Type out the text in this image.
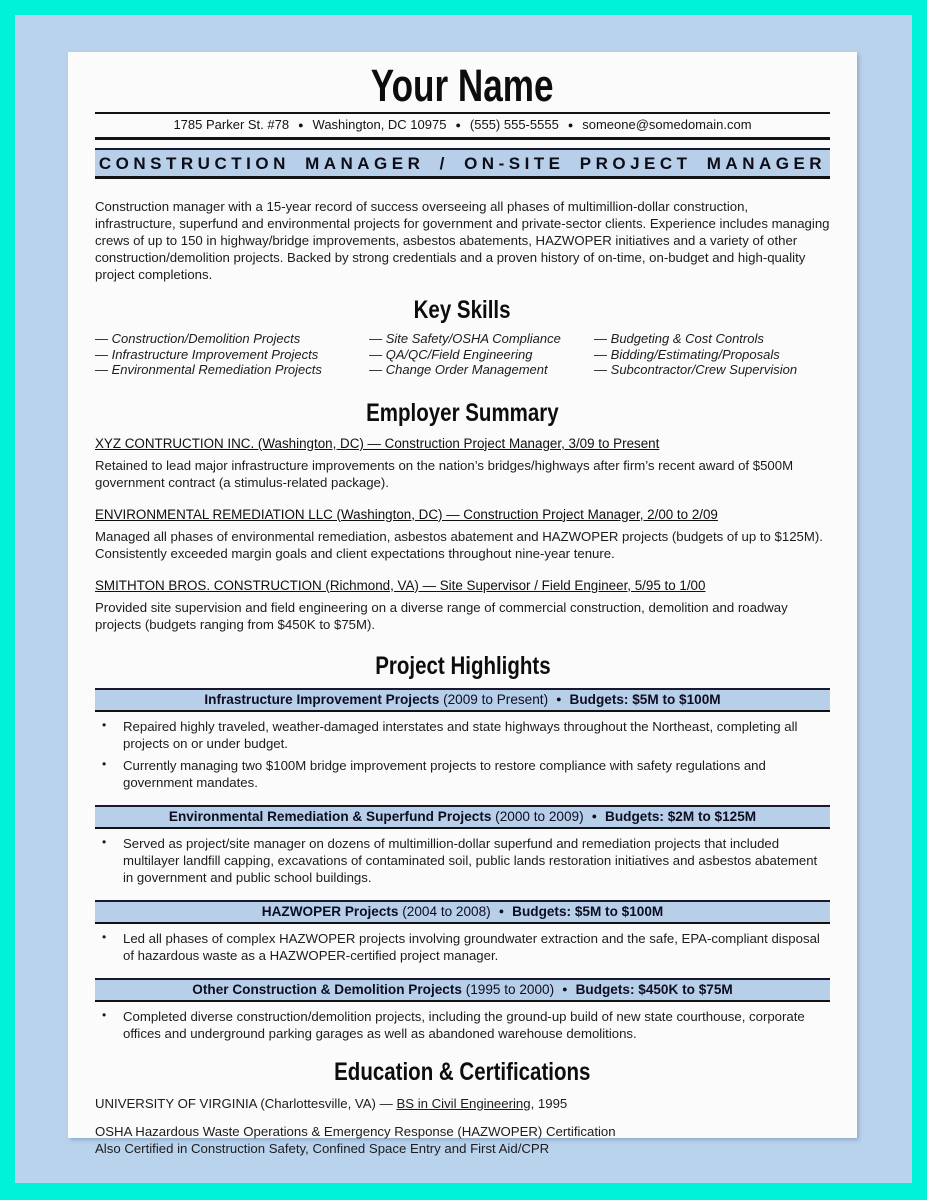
Your Name
1785 Parker St. #78 ● Washington, DC 10975 ● (555) 555-5555 ● someone@somedomain.com
CONSTRUCTION MANAGER / ON-SITE PROJECT MANAGER

Construction manager with a 15-year record of success overseeing all phases of multimillion-dollar construction, infrastructure, superfund and environmental projects for government and private-sector clients. Experience includes managing crews of up to 150 in highway/bridge improvements, asbestos abatements, HAZWOPER initiatives and a variety of other construction/demolition projects. Backed by strong credentials and a proven history of on-time, on-budget and high-quality project completions.

Key Skills
— Construction/Demolition Projects
— Infrastructure Improvement Projects
— Environmental Remediation Projects
— Site Safety/OSHA Compliance
— QA/QC/Field Engineering
— Change Order Management
— Budgeting & Cost Controls
— Bidding/Estimating/Proposals
— Subcontractor/Crew Supervision
Employer Summary
XYZ CONTRUCTION INC. (Washington, DC) — Construction Project Manager, 3/09 to Present
Retained to lead major infrastructure improvements on the nation’s bridges/highways after firm’s recent award of $500M government contract (a stimulus-related package).
ENVIRONMENTAL REMEDIATION LLC (Washington, DC) — Construction Project Manager, 2/00 to 2/09
Managed all phases of environmental remediation, asbestos abatement and HAZWOPER projects (budgets of up to $125M). Consistently exceeded margin goals and client expectations throughout nine-year tenure.
SMITHTON BROS. CONSTRUCTION (Richmond, VA) — Site Supervisor / Field Engineer, 5/95 to 1/00
Provided site supervision and field engineering on a diverse range of commercial construction, demolition and roadway projects (budgets ranging from $450K to $75M).
Project Highlights
Infrastructure Improvement Projects (2009 to Present) ● Budgets: $5M to $100M
• Repaired highly traveled, weather-damaged interstates and state highways throughout the Northeast, completing all projects on or under budget.
• Currently managing two $100M bridge improvement projects to restore compliance with safety regulations and government mandates.
Environmental Remediation & Superfund Projects (2000 to 2009) ● Budgets: $2M to $125M
• Served as project/site manager on dozens of multimillion-dollar superfund and remediation projects that included multilayer landfill capping, excavations of contaminated soil, public lands restoration initiatives and asbestos abatement in government and public school buildings.
HAZWOPER Projects (2004 to 2008) ● Budgets: $5M to $100M
• Led all phases of complex HAZWOPER projects involving groundwater extraction and the safe, EPA-compliant disposal of hazardous waste as a HAZWOPER-certified project manager.
Other Construction & Demolition Projects (1995 to 2000) ● Budgets: $450K to $75M
• Completed diverse construction/demolition projects, including the ground-up build of new state courthouse, corporate offices and underground parking garages as well as abandoned warehouse demolitions.
Education & Certifications

UNIVERSITY OF VIRGINIA (Charlottesville, VA) — BS in Civil Engineering, 1995

OSHA Hazardous Waste Operations & Emergency Response (HAZWOPER) Certification

Also Certified in Construction Safety, Confined Space Entry and First Aid/CPR
